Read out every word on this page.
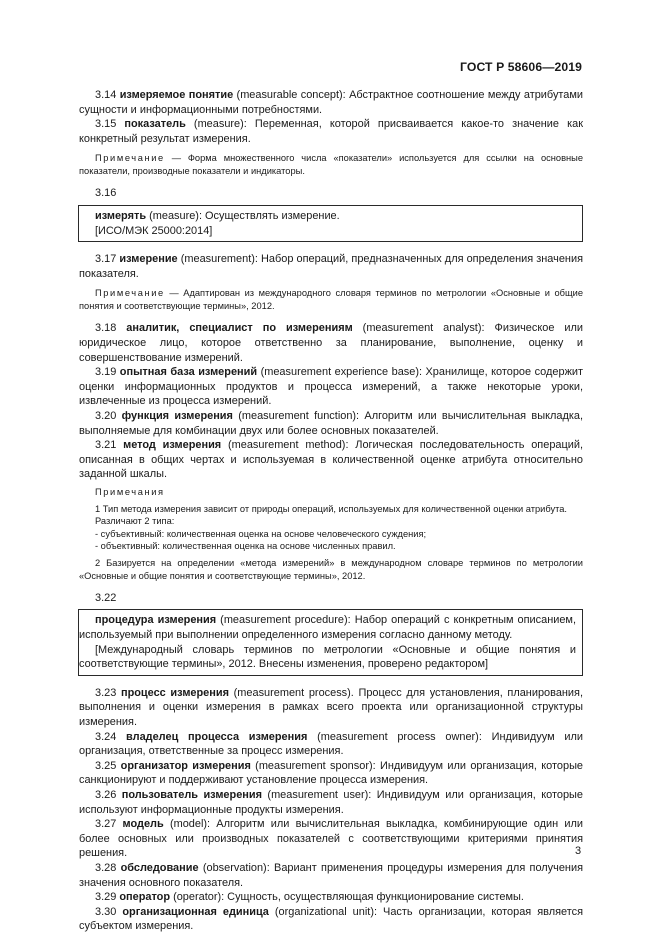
ГОСТ Р 58606—2019

3.14 измеряемое понятие (measurable concept): Абстрактное соотношение между атрибутами сущности и информационными потребностями.

3.15 показатель (measure): Переменная, которой присваивается какое-то значение как конкретный результат измерения.

Примечание — Форма множественного числа «показатели» используется для ссылки на основные показатели, производные показатели и индикаторы.

3.16

измерять (measure): Осуществлять измерение.

[ИСО/МЭК 25000:2014]

3.17 измерение (measurement): Набор операций, предназначенных для определения значения показателя.

Примечание — Адаптирован из международного словаря терминов по метрологии «Основные и общие понятия и соответствующие термины», 2012.

3.18 аналитик, специалист по измерениям (measurement analyst): Физическое или юридическое лицо, которое ответственно за планирование, выполнение, оценку и совершенствование измерений.

3.19 опытная база измерений (measurement experience base): Хранилище, которое содержит оценки информационных продуктов и процесса измерений, а также некоторые уроки, извлеченные из процесса измерений.

3.20 функция измерения (measurement function): Алгоритм или вычислительная выкладка, выполняемые для комбинации двух или более основных показателей.

3.21 метод измерения (measurement method): Логическая последовательность операций, описанная в общих чертах и используемая в количественной оценке атрибута относительно заданной шкалы.

Примечания

1 Тип метода измерения зависит от природы операций, используемых для количественной оценки атрибута.

Различают 2 типа:

- субъективный: количественная оценка на основе человеческого суждения;

- объективный: количественная оценка на основе численных правил.

2 Базируется на определении «метода измерений» в международном словаре терминов по метрологии «Основные и общие понятия и соответствующие термины», 2012.

3.22

процедура измерения (measurement procedure): Набор операций с конкретным описанием, используемый при выполнении определенного измерения согласно данному методу.

[Международный словарь терминов по метрологии «Основные и общие понятия и соответствующие термины», 2012. Внесены изменения, проверено редактором]

3.23 процесс измерения (measurement process). Процесс для установления, планирования, выполнения и оценки измерения в рамках всего проекта или организационной структуры измерения.

3.24 владелец процесса измерения (measurement process owner): Индивидуум или организация, ответственные за процесс измерения.

3.25 организатор измерения (measurement sponsor): Индивидуум или организация, которые санкционируют и поддерживают установление процесса измерения.

3.26 пользователь измерения (measurement user): Индивидуум или организация, которые используют информационные продукты измерения.

3.27 модель (model): Алгоритм или вычислительная выкладка, комбинирующие один или более основных или производных показателей с соответствующими критериями принятия решения.

3.28 обследование (observation): Вариант применения процедуры измерения для получения значения основного показателя.

3.29 оператор (operator): Сущность, осуществляющая функционирование системы.

3.30 организационная единица (organizational unit): Часть организации, которая является субъектом измерения.

3
